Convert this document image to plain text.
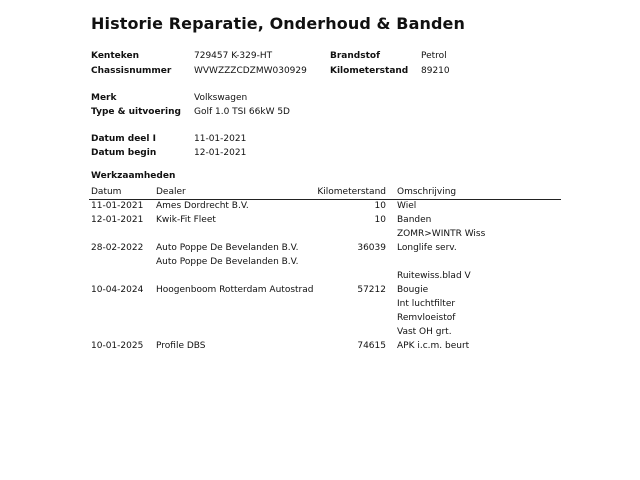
Historie Reparatie, Onderhoud & Banden
Kenteken	729457 K-329-HT	Brandstof	Petrol
Chassisnummer	WVWZZZCDZMW030929	Kilometerstand 89210
Merk	Volkswagen
Type & uitvoering Golf 1.0 TSI 66kW 5D
Datum deel I	11-01-2021
Datum begin	12-01-2021
Werkzaamheden
Datum	Dealer	Kilometerstand Omschrijving
11-01-2021 Ames Dordrecht B.V.	10 Wiel
12-01-2021 Kwik-Fit Fleet	10 Banden
ZOMR>WINTR Wiss
28-02-2022 Auto Poppe De Bevelanden B.V.	36039 Longlife serv.
Auto Poppe De Bevelanden B.V.
Ruitewiss.blad V
10-04-2024 Hoogenboom Rotterdam Autostrad	57212 Bougie
Int luchtfilter
Remvloeistof
Vast OH grt.
10-01-2025 Profile DBS	74615 APK i.c.m. beurt
